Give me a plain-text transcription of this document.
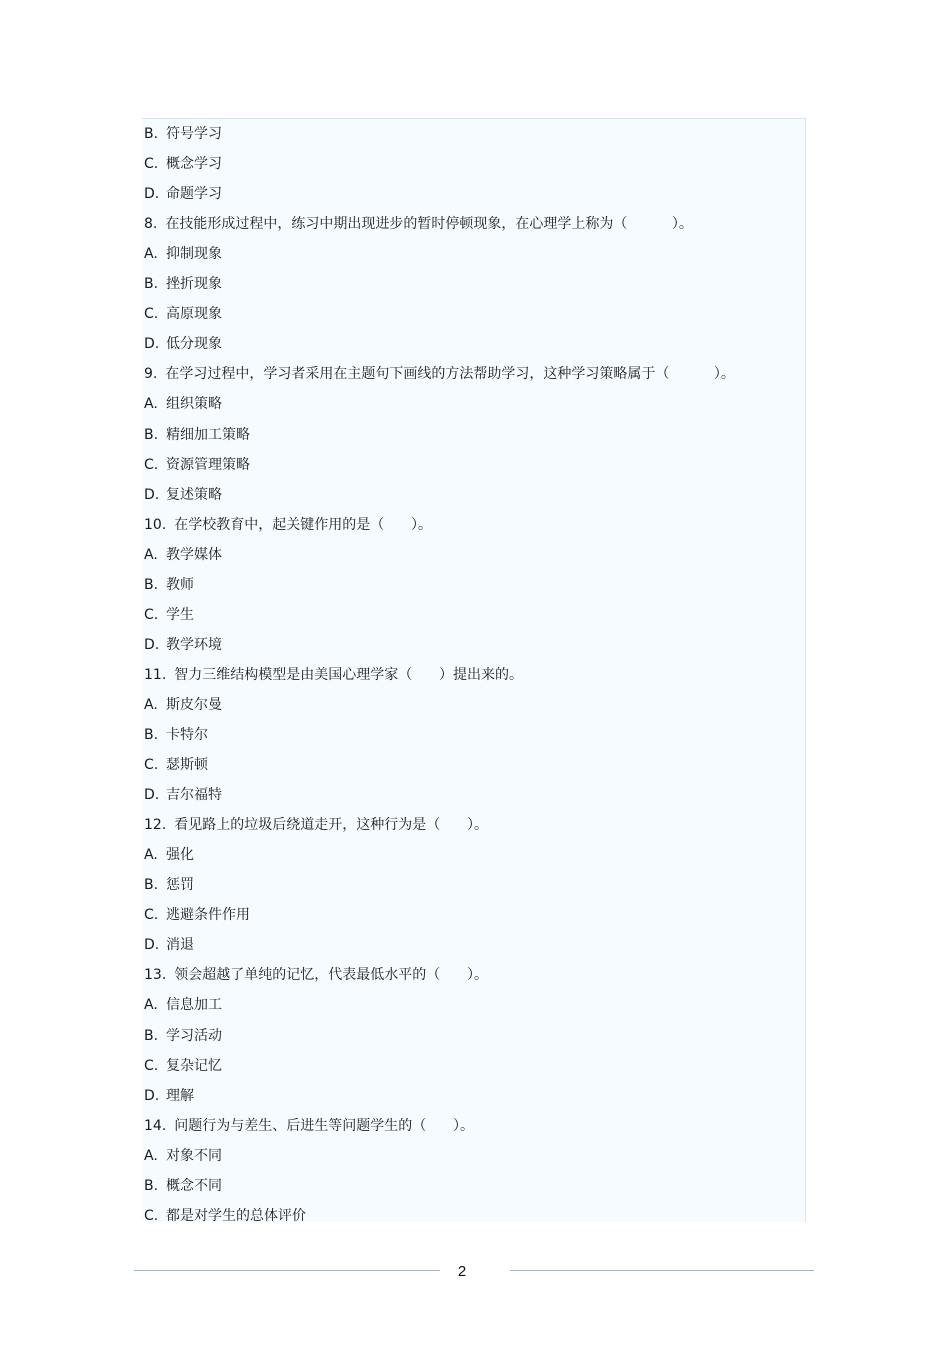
B. 符号学习
C. 概念学习
D. 命题学习
8. 在技能形成过程中，练习中期出现进步的暂时停顿现象，在心理学上称为（          ）。
A. 抑制现象
B. 挫折现象
C. 高原现象
D. 低分现象
9. 在学习过程中，学习者采用在主题句下画线的方法帮助学习，这种学习策略属于（          ）。
A. 组织策略
B. 精细加工策略
C. 资源管理策略
D. 复述策略
10. 在学校教育中，起关键作用的是（      ）。
A. 教学媒体
B. 教师
C. 学生
D. 教学环境
11. 智力三维结构模型是由美国心理学家（      ）提出来的。
A. 斯皮尔曼
B. 卡特尔
C. 瑟斯顿
D. 吉尔福特
12. 看见路上的垃圾后绕道走开，这种行为是（      ）。
A. 强化
B. 惩罚
C. 逃避条件作用
D. 消退
13. 领会超越了单纯的记忆，代表最低水平的（      ）。
A. 信息加工
B. 学习活动
C. 复杂记忆
D. 理解
14. 问题行为与差生、后进生等问题学生的（      ）。
A. 对象不同
B. 概念不同
C. 都是对学生的总体评价
2
